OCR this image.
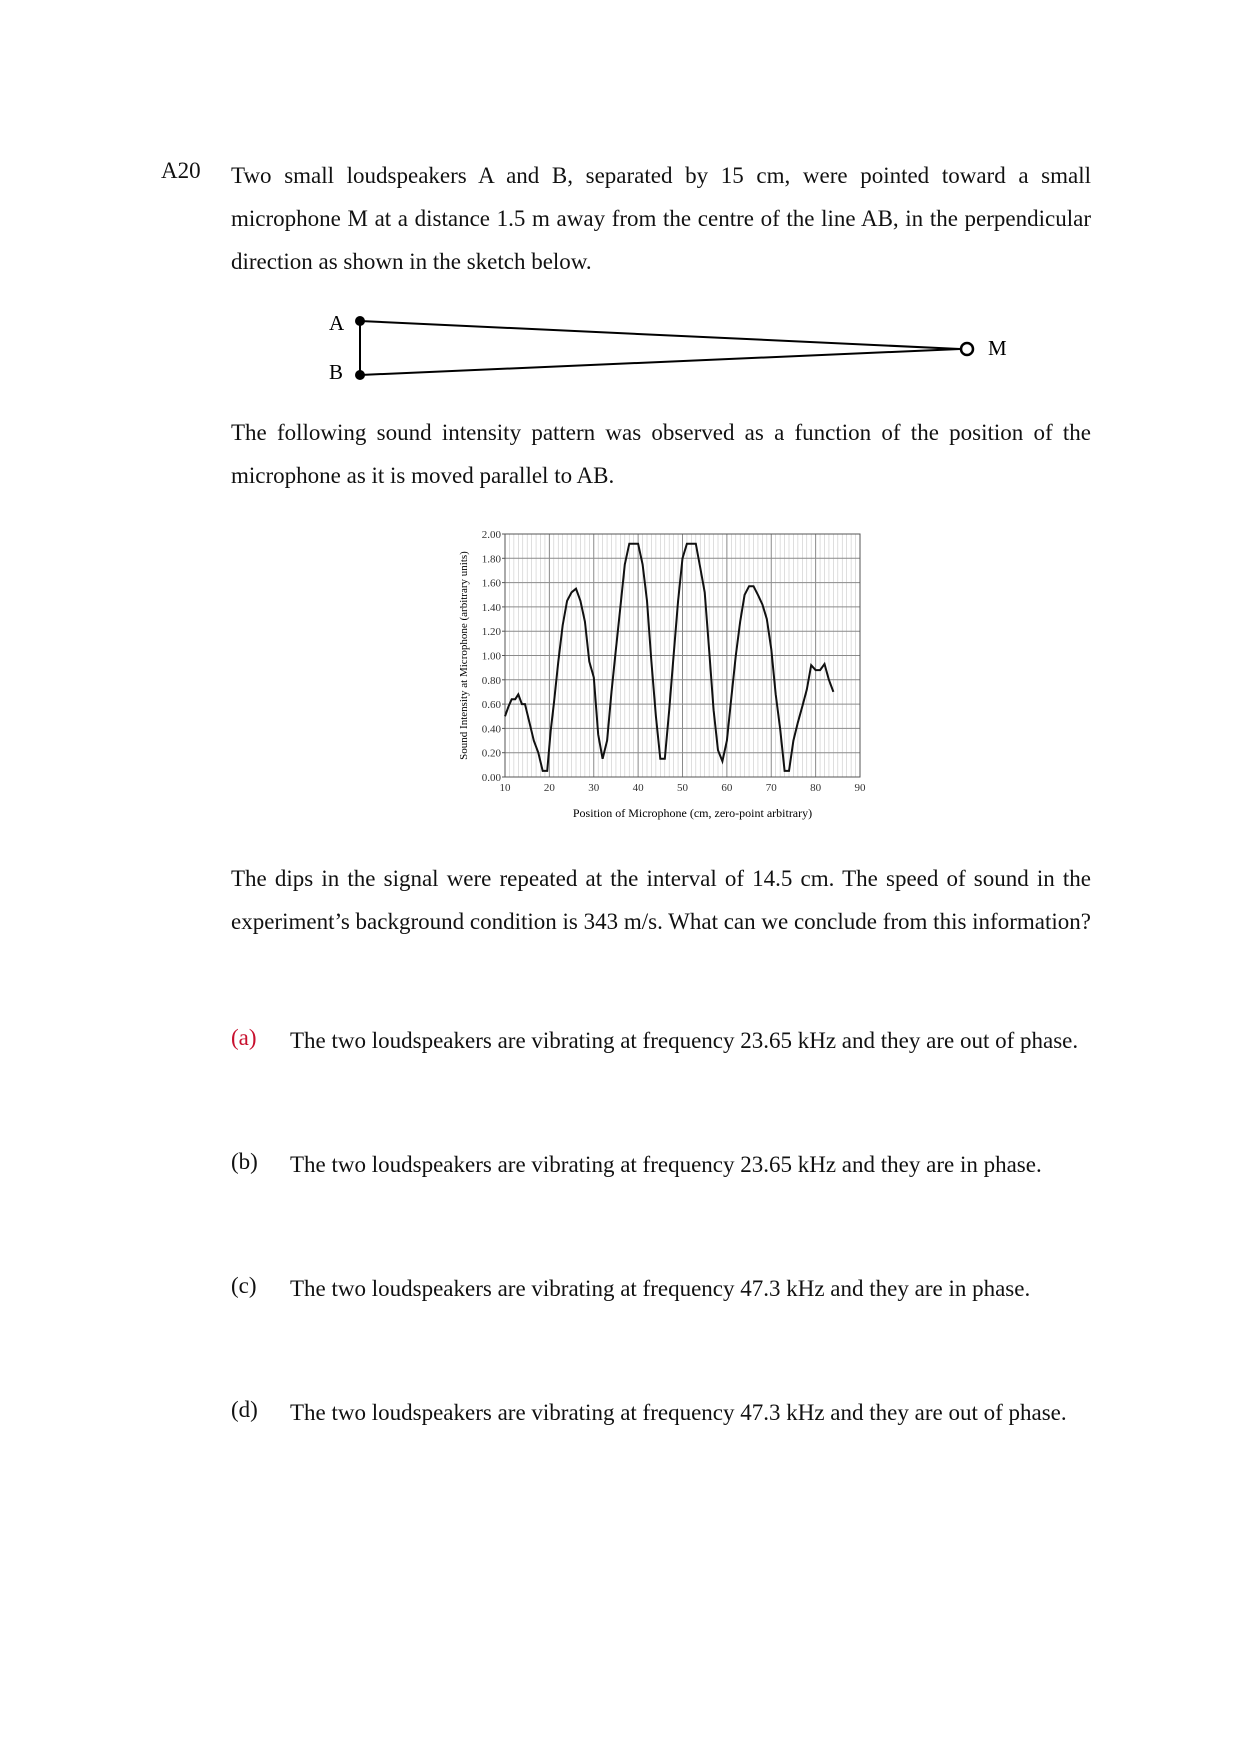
A20 Two small loudspeakers A and B, separated by 15 cm, were pointed toward a small microphone M at a distance 1.5 m away from the centre of the line AB, in the perpendicular direction as shown in the sketch below.
A
B
M
The following sound intensity pattern was observed as a function of the position of the microphone as it is moved parallel to AB.
0.00
0.20
0.40
0.60
0.80
1.00
1.20
1.40
1.60
1.80
2.00
10	20	30	40	50	60	70	80	90
Position of Microphone (cm, zero-point arbitrary)
Sound Intensity at Microphone (arbitrary units)
The dips in the signal were repeated at the interval of 14.5 cm. The speed of sound in the experiment’s background condition is 343 m/s. What can we conclude from this information?
(a) The two loudspeakers are vibrating at frequency 23.65 kHz and they are out of phase.
(b) The two loudspeakers are vibrating at frequency 23.65 kHz and they are in phase.
(c) The two loudspeakers are vibrating at frequency 47.3 kHz and they are in phase.
(d) The two loudspeakers are vibrating at frequency 47.3 kHz and they are out of phase.
